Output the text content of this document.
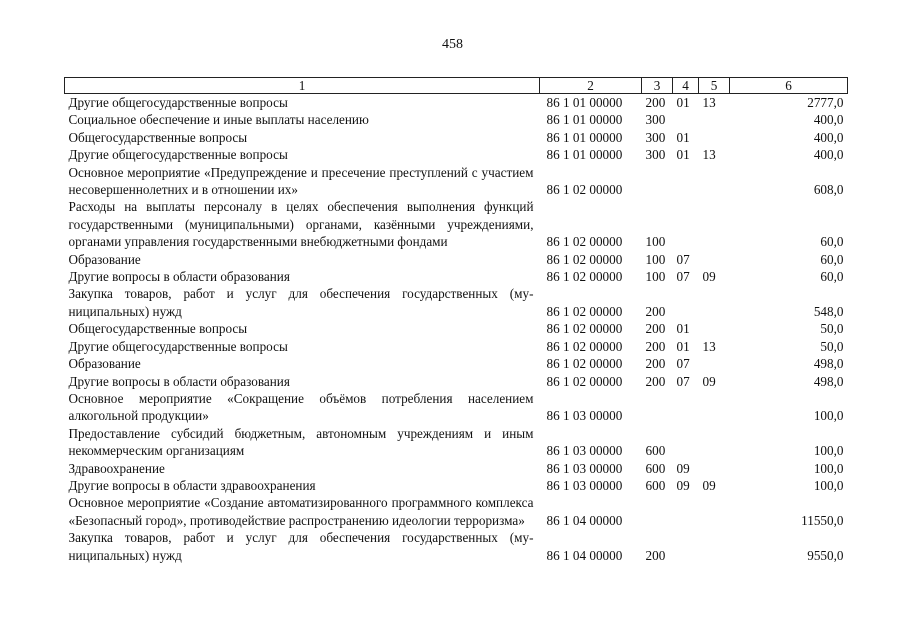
458
1	2	3	4	5	6
Другие общегосударственные вопросы	86 1 01 00000	200	01	13	2777,0
Социальное обеспечение и иные выплаты населению	86 1 01 00000	300			400,0
Общегосударственные вопросы	86 1 01 00000	300	01		400,0
Другие общегосударственные вопросы	86 1 01 00000	300	01	13	400,0
Основное мероприятие «Предупреждение и пресечение преступлений с участием несовершеннолетних и в отношении их»	86 1 02 00000				608,0
Расходы на выплаты персоналу в целях обеспечения выполнения функций государственными (муниципальными) органами, казёнными учреждениями, органами управления государственными внебюджетными фондами	86 1 02 00000	100			60,0
Образование	86 1 02 00000	100	07		60,0
Другие вопросы в области образования	86 1 02 00000	100	07	09	60,0
Закупка товаров, работ и услуг для обеспечения государственных (муниципальных) нужд	86 1 02 00000	200			548,0
Общегосударственные вопросы	86 1 02 00000	200	01		50,0
Другие общегосударственные вопросы	86 1 02 00000	200	01	13	50,0
Образование	86 1 02 00000	200	07		498,0
Другие вопросы в области образования	86 1 02 00000	200	07	09	498,0
Основное мероприятие «Сокращение объёмов потребления населением алкогольной продукции»	86 1 03 00000				100,0
Предоставление субсидий бюджетным, автономным учреждениям и иным некоммерческим организациям	86 1 03 00000	600			100,0
Здравоохранение	86 1 03 00000	600	09		100,0
Другие вопросы в области здравоохранения	86 1 03 00000	600	09	09	100,0
Основное мероприятие «Создание автоматизированного программного комплекса «Безопасный город», противодействие распространению идеологии терроризма»	86 1 04 00000				11550,0
Закупка товаров, работ и услуг для обеспечения государственных (муниципальных) нужд	86 1 04 00000	200			9550,0
